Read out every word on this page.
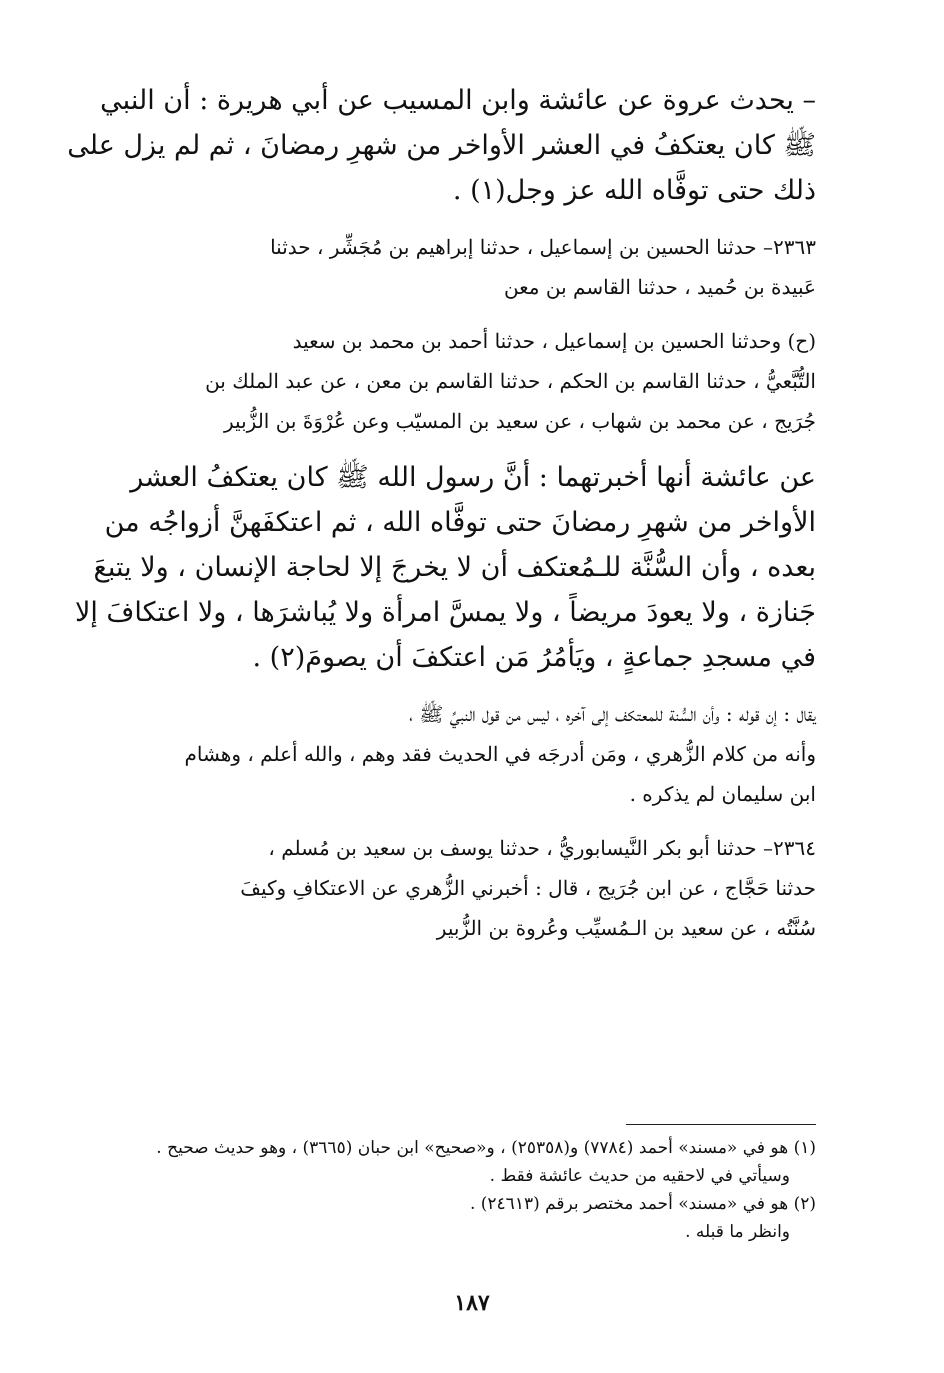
– يحدث عروة عن عائشة وابن المسيب عن أبي هريرة : أن النبي
ﷺ كان يعتكفُ في العشر الأواخر من شهرِ رمضانَ ، ثم لم يزل على
ذلك حتى توفَّاه الله عز وجل(١) .
٢٣٦٣– حدثنا الحسين بن إسماعيل ، حدثنا إبراهيم بن مُجَشِّر ، حدثنا
عَبيدة بن حُميد ، حدثنا القاسم بن معن
(ح) وحدثنا الحسين بن إسماعيل ، حدثنا أحمد بن محمد بن سعيد
التُّبَّعيُّ ، حدثنا القاسم بن الحكم ، حدثنا القاسم بن معن ، عن عبد الملك بن
جُرَيج ، عن محمد بن شهاب ، عن سعيد بن المسيّب وعن عُرْوَةَ بن الزُّبير
عن عائشة أنها أخبرتهما : أنَّ رسول الله ﷺ كان يعتكفُ العشر
الأواخر من شهرِ رمضانَ حتى توفَّاه الله ، ثم اعتكفَهنَّ أزواجُه من
بعده ، وأن السُّنَّة للـمُعتكف أن لا يخرجَ إلا لحاجة الإنسان ، ولا يتبعَ
جَنازة ، ولا يعودَ مريضاً ، ولا يمسَّ امرأة ولا يُباشرَها ، ولا اعتكافَ إلا
في مسجدِ جماعةٍ ، ويَأمُرُ مَن اعتكفَ أن يصومَ(٢) .
يقال : إن قوله : وأن السُّنة للمعتكف إلى آخره ، ليس من قول النبيِّ ﷺ ،
وأنه من كلام الزُّهري ، ومَن أدرجَه في الحديث فقد وهم ، والله أعلم ، وهشام
ابن سليمان لم يذكره .
٢٣٦٤– حدثنا أبو بكر النَّيسابوريُّ ، حدثنا يوسف بن سعيد بن مُسلم ،
حدثنا حَجَّاج ، عن ابن جُرَيج ، قال : أخبرني الزُّهري عن الاعتكافِ وكيفَ
سُنَّتُه ، عن سعيد بن الـمُسيِّب وعُروة بن الزُّبير
(١) هو في «مسند» أحمد (٧٧٨٤) و(٢٥٣٥٨) ، و«صحيح» ابن حبان (٣٦٦٥) ، وهو حديث صحيح .
وسيأتي في لاحقيه من حديث عائشة فقط .
(٢) هو في «مسند» أحمد مختصر برقم (٢٤٦١٣) .
وانظر ما قبله .
١٨٧
